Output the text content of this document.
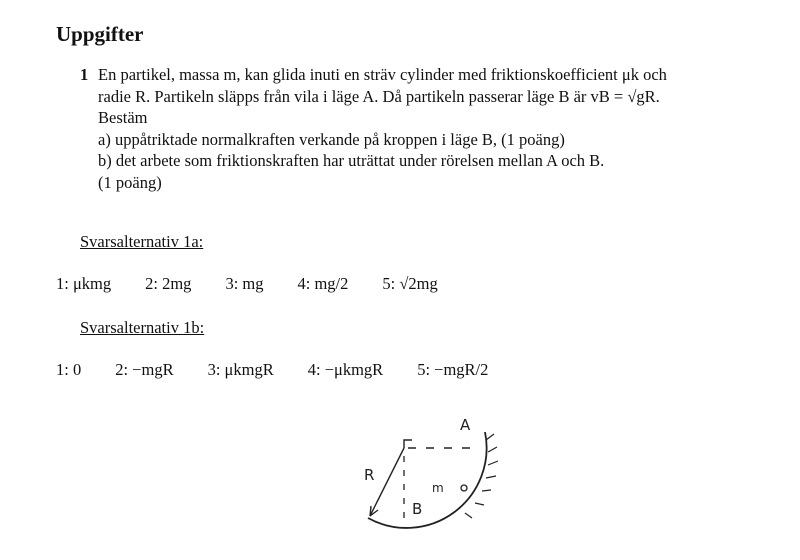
Uppgifter
1 En partikel, massa m, kan glida inuti en sträv cylinder med friktionskoefficient μk och
radie R. Partikeln släpps från vila i läge A. Då partikeln passerar läge B är vB = √gR.
Bestäm
a) uppåtriktade normalkraften verkande på kroppen i läge B, (1 poäng)
b) det arbete som friktionskraften har uträttat under rörelsen mellan A och B.
(1 poäng)
Svarsalternativ 1a:
1: μkmg 2: 2mg 3: mg 4: mg/2 5: √2mg
Svarsalternativ 1b:
1: 0 2: −mgR 3: μkmgR 4: −μkmgR 5: −mgR/2
A
R
B
m
